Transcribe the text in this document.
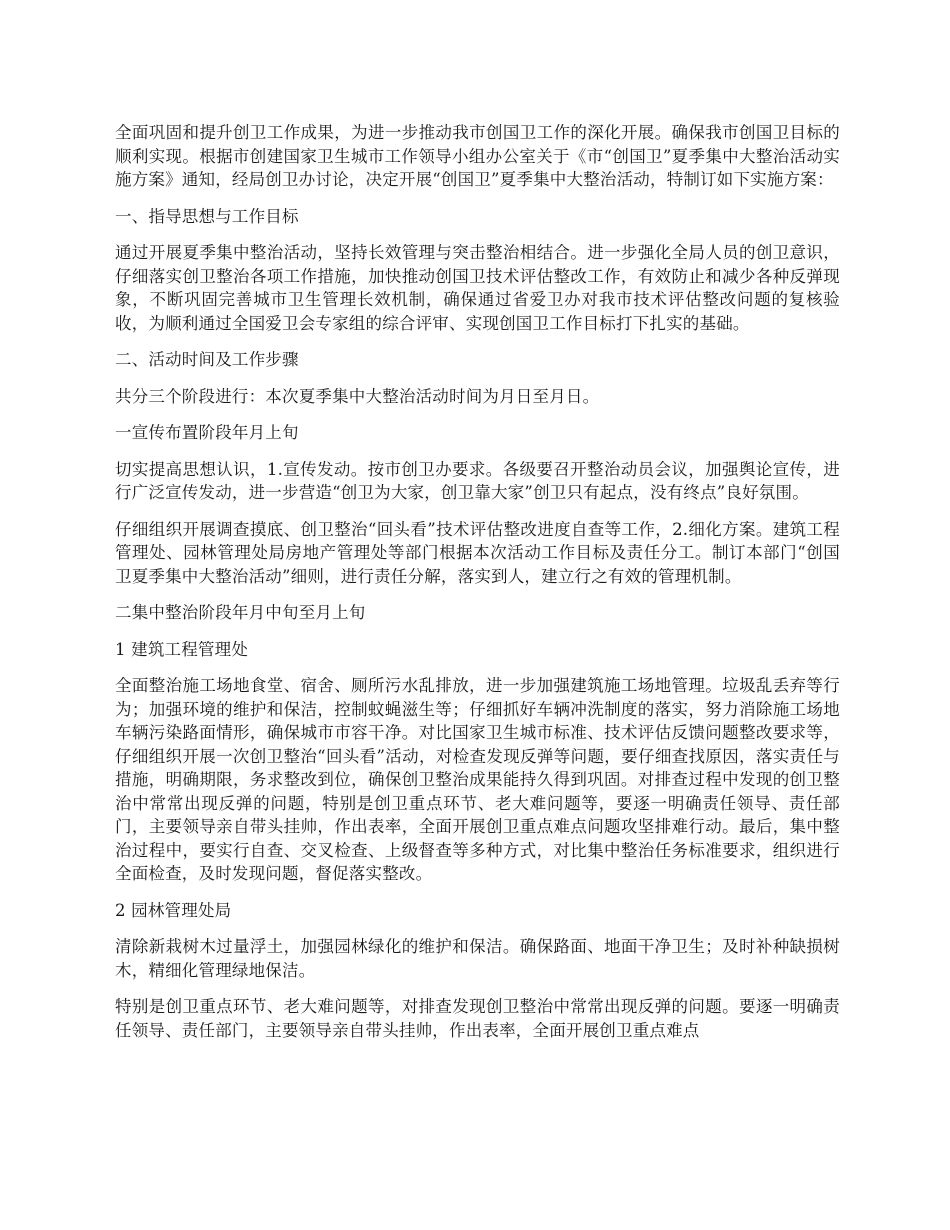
全面巩固和提升创卫工作成果，为进一步推动我市创国卫工作的深化开展。确保我市创国卫目标的顺利实现。根据市创建国家卫生城市工作领导小组办公室关于《市“创国卫”夏季集中大整治活动实施方案》通知，经局创卫办讨论，决定开展“创国卫”夏季集中大整治活动，特制订如下实施方案：

一、指导思想与工作目标

通过开展夏季集中整治活动，坚持长效管理与突击整治相结合。进一步强化全局人员的创卫意识，仔细落实创卫整治各项工作措施，加快推动创国卫技术评估整改工作，有效防止和减少各种反弹现象，不断巩固完善城市卫生管理长效机制，确保通过省爱卫办对我市技术评估整改问题的复核验收，为顺利通过全国爱卫会专家组的综合评审、实现创国卫工作目标打下扎实的基础。

二、活动时间及工作步骤

共分三个阶段进行：本次夏季集中大整治活动时间为月日至月日。

一宣传布置阶段年月上旬

切实提高思想认识，1.宣传发动。按市创卫办要求。各级要召开整治动员会议，加强舆论宣传，进行广泛宣传发动，进一步营造“创卫为大家，创卫靠大家”创卫只有起点，没有终点”良好氛围。

仔细组织开展调查摸底、创卫整治“回头看”技术评估整改进度自查等工作，2.细化方案。建筑工程管理处、园林管理处局房地产管理处等部门根据本次活动工作目标及责任分工。制订本部门“创国卫夏季集中大整治活动”细则，进行责任分解，落实到人，建立行之有效的管理机制。

二集中整治阶段年月中旬至月上旬

1 建筑工程管理处

全面整治施工场地食堂、宿舍、厕所污水乱排放，进一步加强建筑施工场地管理。垃圾乱丢弃等行为；加强环境的维护和保洁，控制蚊蝇滋生等；仔细抓好车辆冲洗制度的落实，努力消除施工场地车辆污染路面情形，确保城市市容干净。对比国家卫生城市标准、技术评估反馈问题整改要求等，仔细组织开展一次创卫整治“回头看”活动，对检查发现反弹等问题，要仔细查找原因，落实责任与措施，明确期限，务求整改到位，确保创卫整治成果能持久得到巩固。对排查过程中发现的创卫整治中常常出现反弹的问题，特别是创卫重点环节、老大难问题等，要逐一明确责任领导、责任部门，主要领导亲自带头挂帅，作出表率，全面开展创卫重点难点问题攻坚排难行动。最后，集中整治过程中，要实行自查、交叉检查、上级督查等多种方式，对比集中整治任务标准要求，组织进行全面检查，及时发现问题，督促落实整改。

2 园林管理处局

清除新栽树木过量浮土，加强园林绿化的维护和保洁。确保路面、地面干净卫生；及时补种缺损树木，精细化管理绿地保洁。

特别是创卫重点环节、老大难问题等，对排查发现创卫整治中常常出现反弹的问题。要逐一明确责任领导、责任部门，主要领导亲自带头挂帅，作出表率，全面开展创卫重点难点
